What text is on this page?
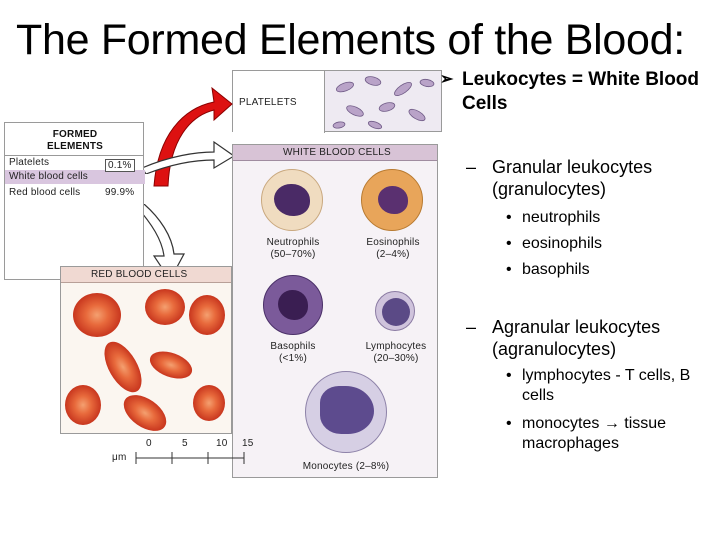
The Formed Elements of the Blood:
PLATELETS
FORMED ELEMENTS
Platelets
White blood cells
0.1%
Red blood cells 99.9%
WHITE BLOOD CELLS
Neutrophils
(50–70%)
Eosinophils
(2–4%)
Basophils
(<1%)
Lymphocytes
(20–30%)
Monocytes (2–8%)
RED BLOOD CELLS
μm
0	5	10 15
➢ Leukocytes = White Blood Cells
– Granular leukocytes (granulocytes)
• neutrophils
• eosinophils
• basophils
– Agranular leukocytes (agranulocytes)
• lymphocytes - T cells, B cells
• monocytes → tissue macrophages
